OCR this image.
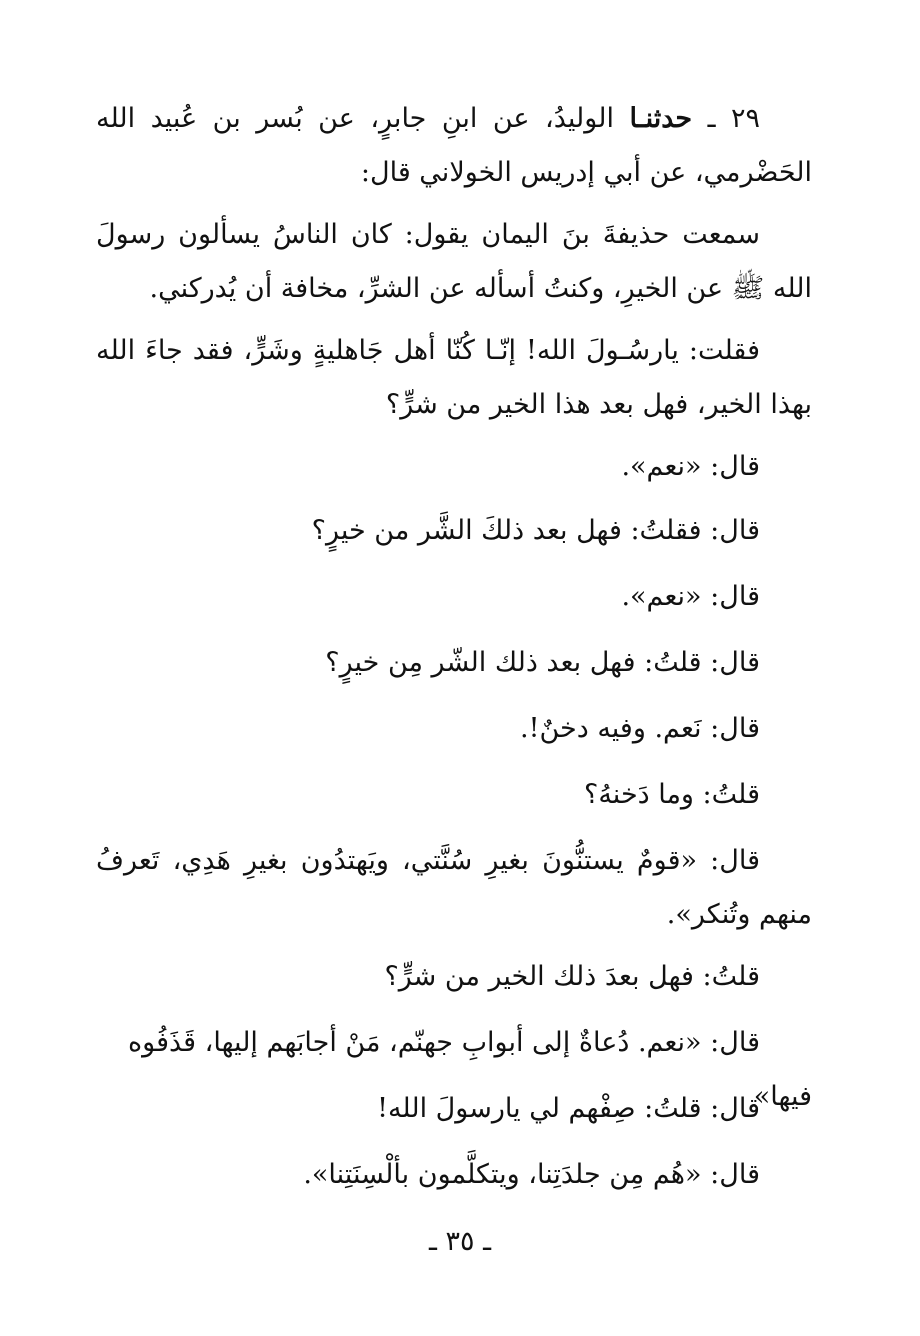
٢٩ ـ حدثنـا الوليدُ، عن ابنِ جابرٍ، عن بُسر بن عُبيد الله الحَضْرمي، عن أبي إدريس الخولاني قال:
سمعت حذيفةَ بنَ اليمان يقول: كان الناسُ يسألون رسولَ الله ﷺ عن الخيرِ، وكنتُ أسأله عن الشرِّ، مخافة أن يُدركني.
فقلت: يارسُـولَ الله! إنّـا كُنّا أهل جَاهليةٍ وشَرٍّ، فقد جاءَ الله بهذا الخير، فهل بعد هذا الخير من شرٍّ؟
قال: «نعم».
قال: فقلتُ: فهل بعد ذلكَ الشَّر من خيرٍ؟
قال: «نعم».
قال: قلتُ: فهل بعد ذلك الشّر مِن خيرٍ؟
قال: نَعم. وفيه دخنٌ!.
قلتُ: وما دَخنهُ؟
قال: «قومٌ يستنُّونَ بغيرِ سُنَّتي، ويَهتدُون بغيرِ هَدِي، تَعرفُ منهم وتُنكر».
قلتُ: فهل بعدَ ذلك الخير من شرٍّ؟
قال: «نعم. دُعاةٌ إلى أبوابِ جهنّم، مَنْ أجابَهم إليها، قَذَفُوه فيها»
قال: قلتُ: صِفْهم لي يارسولَ الله!
قال: «هُم مِن جلدَتِنا، ويتكلَّمون بألْسِنَتِنا».
ـ ٣٥ ـ
